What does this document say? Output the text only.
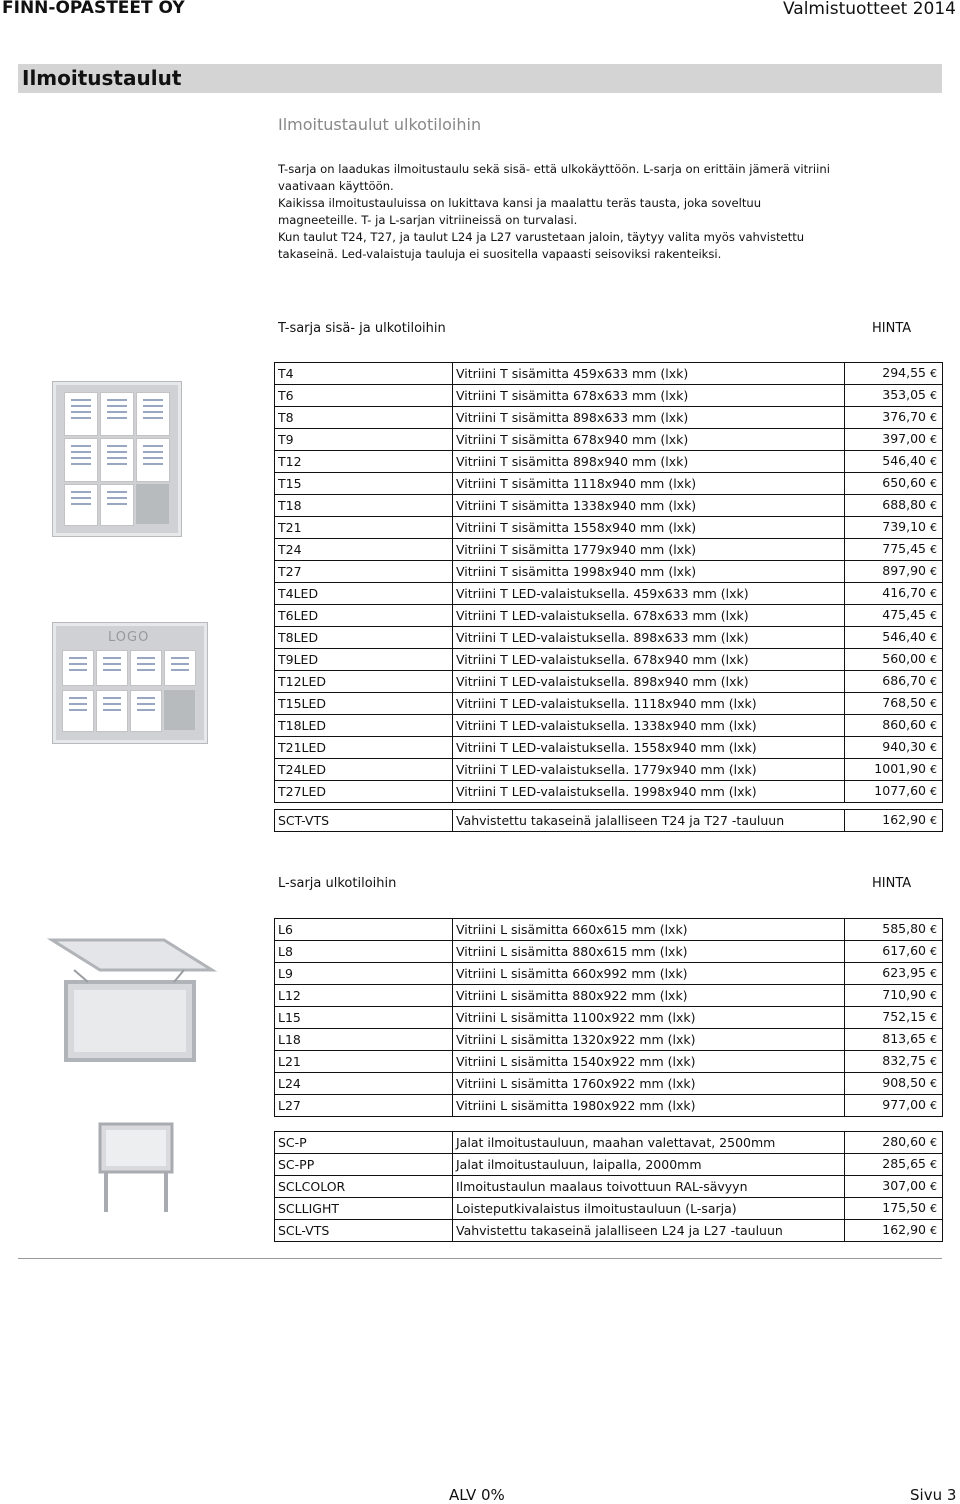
FINN-OPASTEET OY	Valmistuotteet 2014
Ilmoitustaulut
Ilmoitustaulut ulkotiloihin

T-sarja on laadukas ilmoitustaulu sekä sisä- että ulkokäyttöön. L-sarja on erittäin jämerä vitriini vaativaan käyttöön.

Kaikissa ilmoitustauluissa on lukittava kansi ja maalattu teräs tausta, joka soveltuu magneeteille. T- ja L-sarjan vitriineissä on turvalasi.

Kun taulut T24, T27, ja taulut L24 ja L27 varustetaan jaloin, täytyy valita myös vahvistettu takaseinä. Led-valaistuja tauluja ei suositella vapaasti seisoviksi rakenteiksi.

T-sarja sisä- ja ulkotiloihin	HINTA
LOGO
T4	Vitriini T sisämitta 459x633 mm (lxk)	294,55 €
T6	Vitriini T sisämitta 678x633 mm (lxk)	353,05 €
T8	Vitriini T sisämitta 898x633 mm (lxk)	376,70 €
T9	Vitriini T sisämitta 678x940 mm (lxk)	397,00 €
T12	Vitriini T sisämitta 898x940 mm (lxk)	546,40 €
T15	Vitriini T sisämitta 1118x940 mm (lxk)	650,60 €
T18	Vitriini T sisämitta 1338x940 mm (lxk)	688,80 €
T21	Vitriini T sisämitta 1558x940 mm (lxk)	739,10 €
T24	Vitriini T sisämitta 1779x940 mm (lxk)	775,45 €
T27	Vitriini T sisämitta 1998x940 mm (lxk)	897,90 €
T4LED	Vitriini T LED-valaistuksella. 459x633 mm (lxk)	416,70 €
T6LED	Vitriini T LED-valaistuksella. 678x633 mm (lxk)	475,45 €
T8LED	Vitriini T LED-valaistuksella. 898x633 mm (lxk)	546,40 €
T9LED	Vitriini T LED-valaistuksella. 678x940 mm (lxk)	560,00 €
T12LED	Vitriini T LED-valaistuksella. 898x940 mm (lxk)	686,70 €
T15LED	Vitriini T LED-valaistuksella. 1118x940 mm (lxk)	768,50 €
T18LED	Vitriini T LED-valaistuksella. 1338x940 mm (lxk)	860,60 €
T21LED	Vitriini T LED-valaistuksella. 1558x940 mm (lxk)	940,30 €
T24LED	Vitriini T LED-valaistuksella. 1779x940 mm (lxk)	1001,90 €
T27LED	Vitriini T LED-valaistuksella. 1998x940 mm (lxk)	1077,60 €
SCT-VTS	Vahvistettu takaseinä jalalliseen T24 ja T27 -tauluun	162,90 €
L-sarja ulkotiloihin	HINTA
L6	Vitriini L sisämitta 660x615 mm (lxk)	585,80 €
L8	Vitriini L sisämitta 880x615 mm (lxk)	617,60 €
L9	Vitriini L sisämitta 660x992 mm (lxk)	623,95 €
L12	Vitriini L sisämitta 880x922 mm (lxk)	710,90 €
L15	Vitriini L sisämitta 1100x922 mm (lxk)	752,15 €
L18	Vitriini L sisämitta 1320x922 mm (lxk)	813,65 €
L21	Vitriini L sisämitta 1540x922 mm (lxk)	832,75 €
L24	Vitriini L sisämitta 1760x922 mm (lxk)	908,50 €
L27	Vitriini L sisämitta 1980x922 mm (lxk)	977,00 €
SC-P	Jalat ilmoitustauluun, maahan valettavat, 2500mm	280,60 €
SC-PP	Jalat ilmoitustauluun, laipalla, 2000mm	285,65 €
SCLCOLOR	Ilmoitustaulun maalaus toivottuun RAL-sävyyn	307,00 €
SCLLIGHT	Loisteputkivalaistus ilmoitustauluun (L-sarja)	175,50 €
SCL-VTS	Vahvistettu takaseinä jalalliseen L24 ja L27 -tauluun	162,90 €
ALV 0%	Sivu 3
